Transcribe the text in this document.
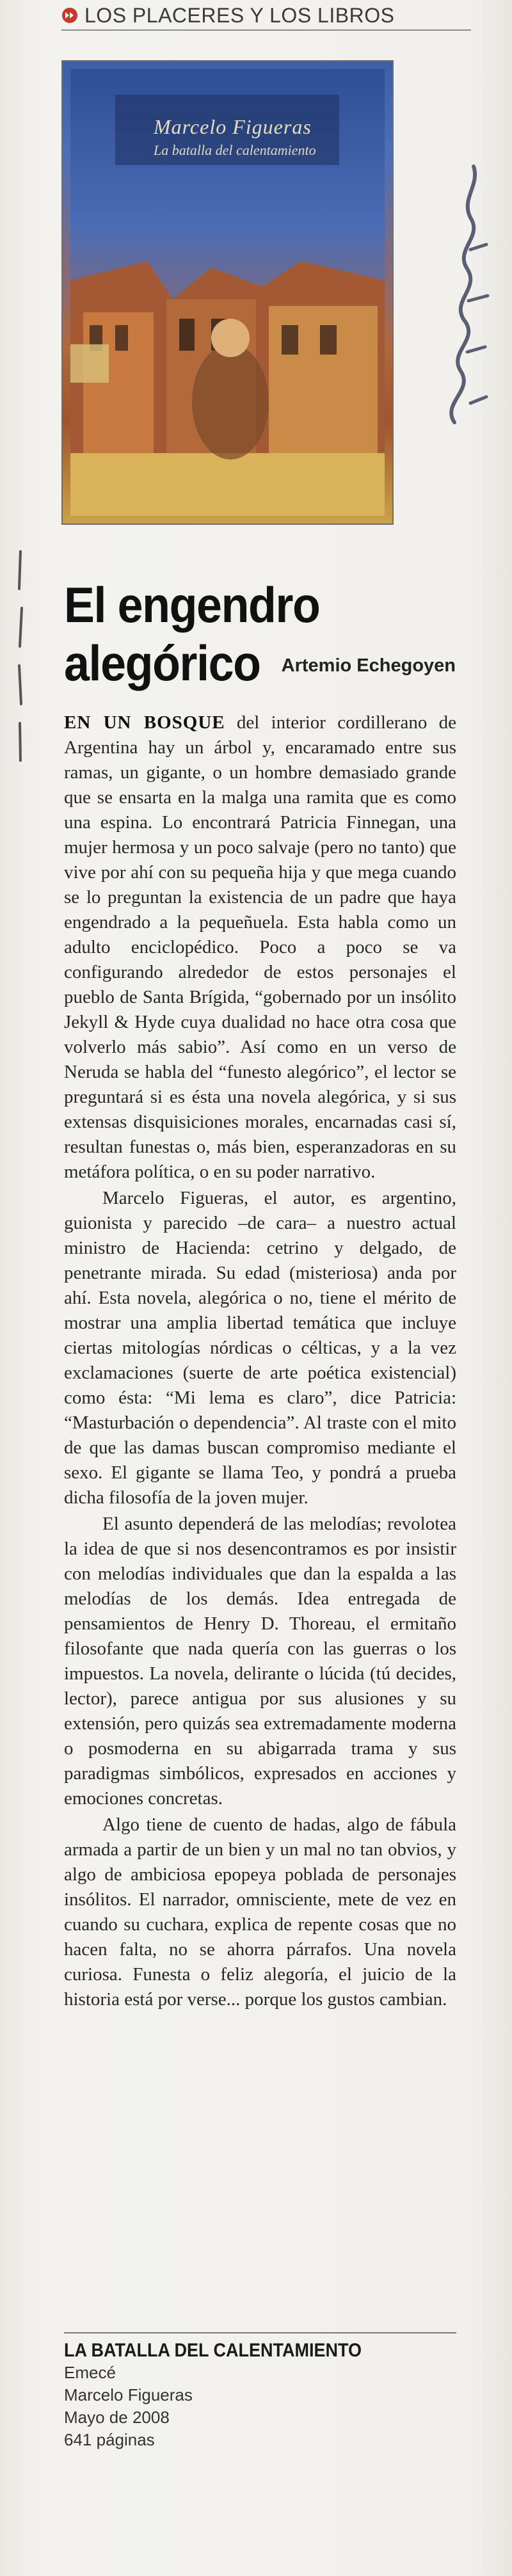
LOS PLACERES Y LOS LIBROS
Marcelo Figueras
La batalla del calentamiento
El engendro alegórico	Artemio Echegoyen

EN UN BOSQUE del interior cordillerano de Argentina hay un árbol y, encaramado entre sus ramas, un gigante, o un hombre demasiado grande que se ensarta en la malga una ramita que es como una espina. Lo encontrará Patricia Finnegan, una mujer hermosa y un poco salvaje (pero no tanto) que vive por ahí con su pequeña hija y que mega cuando se lo preguntan la existencia de un padre que haya engendrado a la pequeñuela. Esta habla como un adulto enciclopédico. Poco a poco se va configurando alrededor de estos personajes el pueblo de Santa Brígida, “gobernado por un insólito Jekyll & Hyde cuya dualidad no hace otra cosa que volverlo más sabio”. Así como en un verso de Neruda se habla del “funesto alegórico”, el lector se preguntará si es ésta una novela alegórica, y si sus extensas disquisiciones morales, encarnadas casi sí, resultan funestas o, más bien, esperanzadoras en su metáfora política, o en su poder narrativo.

Marcelo Figueras, el autor, es argentino, guionista y parecido –de cara– a nuestro actual ministro de Hacienda: cetrino y delgado, de penetrante mirada. Su edad (misteriosa) anda por ahí. Esta novela, alegórica o no, tiene el mérito de mostrar una amplia libertad temática que incluye ciertas mitologías nórdicas o célticas, y a la vez exclamaciones (suerte de arte poética existencial) como ésta: “Mi lema es claro”, dice Patricia: “Masturbación o dependencia”. Al traste con el mito de que las damas buscan compromiso mediante el sexo. El gigante se llama Teo, y pondrá a prueba dicha filosofía de la joven mujer.

El asunto dependerá de las melodías; revolotea la idea de que si nos desencontramos es por insistir con melodías individuales que dan la espalda a las melodías de los demás. Idea entregada de pensamientos de Henry D. Thoreau, el ermitaño filosofante que nada quería con las guerras o los impuestos. La novela, delirante o lúcida (tú decides, lector), parece antigua por sus alusiones y su extensión, pero quizás sea extremadamente moderna o posmoderna en su abigarrada trama y sus paradigmas simbólicos, expresados en acciones y emociones concretas.

Algo tiene de cuento de hadas, algo de fábula armada a partir de un bien y un mal no tan obvios, y algo de ambiciosa epopeya poblada de personajes insólitos. El narrador, omnisciente, mete de vez en cuando su cuchara, explica de repente cosas que no hacen falta, no se ahorra párrafos. Una novela curiosa. Funesta o feliz alegoría, el juicio de la historia está por verse... porque los gustos cambian.

LA BATALLA DEL CALENTAMIENTO
Emecé
Marcelo Figueras
Mayo de 2008
641 páginas
